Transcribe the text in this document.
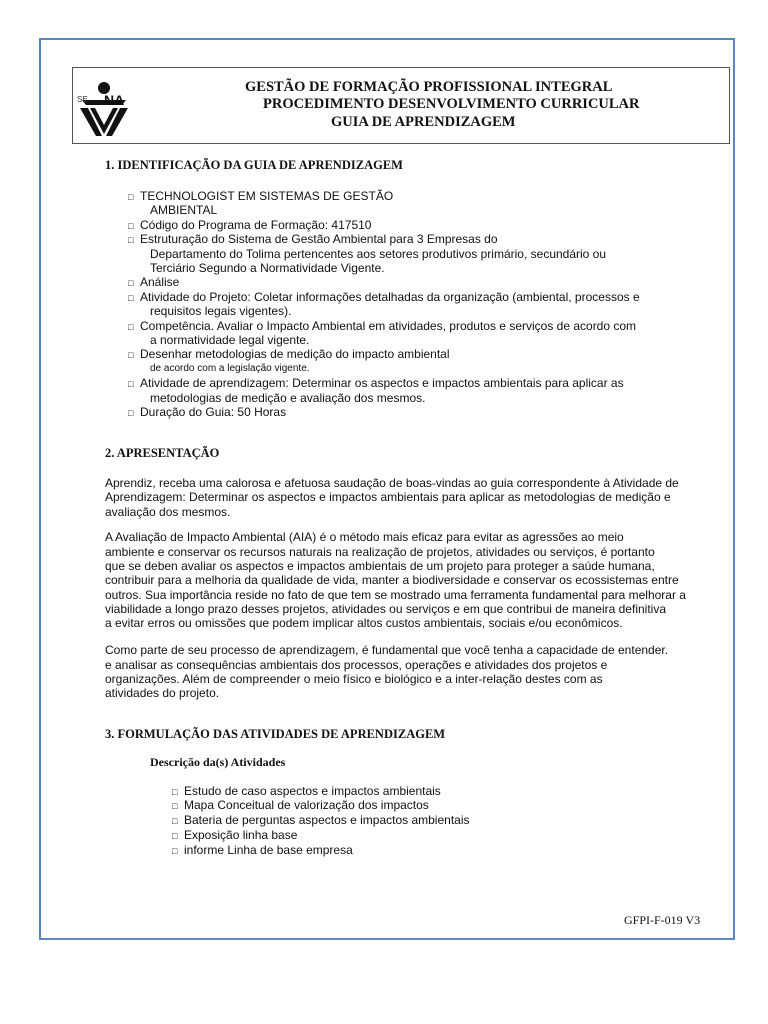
SE NA
GESTÃO DE FORMAÇÃO PROFISSIONAL INTEGRAL
PROCEDIMENTO DESENVOLVIMENTO CURRICULAR
GUIA DE APRENDIZAGEM
1. IDENTIFICAÇÃO DA GUIA DE APRENDIZAGEM
□TECHNOLOGIST EM SISTEMAS DE GESTÃO
AMBIENTAL
□Código do Programa de Formação: 417510
□Estruturação do Sistema de Gestão Ambiental para 3 Empresas do
Departamento do Tolima pertencentes aos setores produtivos primário, secundário ou
Terciário Segundo a Normatividade Vigente.
□Análise
□Atividade do Projeto: Coletar informações detalhadas da organização (ambiental, processos e
requisitos legais vigentes).
□Competência. Avaliar o Impacto Ambiental em atividades, produtos e serviços de acordo com
a normatividade legal vigente.
□Desenhar metodologias de medição do impacto ambiental
de acordo com a legislação vigente.
□Atividade de aprendizagem: Determinar os aspectos e impactos ambientais para aplicar as
metodologias de medição e avaliação dos mesmos.
□Duração do Guia: 50 Horas
2. APRESENTAÇÃO
Aprendiz, receba uma calorosa e afetuosa saudação de boas-vindas ao guia correspondente à Atividade de
Aprendizagem: Determinar os aspectos e impactos ambientais para aplicar as metodologias de medição e
avaliação dos mesmos.
A Avaliação de Impacto Ambiental (AIA) é o método mais eficaz para evitar as agressões ao meio
ambiente e conservar os recursos naturais na realização de projetos, atividades ou serviços, é portanto
que se deben avaliar os aspectos e impactos ambientais de um projeto para proteger a saúde humana,
contribuir para a melhoria da qualidade de vida, manter a biodiversidade e conservar os ecossistemas entre
outros. Sua importância reside no fato de que tem se mostrado uma ferramenta fundamental para melhorar a
viabilidade a longo prazo desses projetos, atividades ou serviços e em que contribui de maneira definitiva
a evitar erros ou omissões que podem implicar altos custos ambientais, sociais e/ou econômicos.
Como parte de seu processo de aprendizagem, é fundamental que você tenha a capacidade de entender.
e analisar as consequências ambientais dos processos, operações e atividades dos projetos e
organizações. Além de compreender o meio físico e biológico e a inter-relação destes com as
atividades do projeto.
3. FORMULAÇÃO DAS ATIVIDADES DE APRENDIZAGEM
Descrição da(s) Atividades
□Estudo de caso aspectos e impactos ambientais
□Mapa Conceitual de valorização dos impactos
□Bateria de perguntas aspectos e impactos ambientais
□Exposição linha base
□informe Linha de base empresa
GFPI-F-019 V3
